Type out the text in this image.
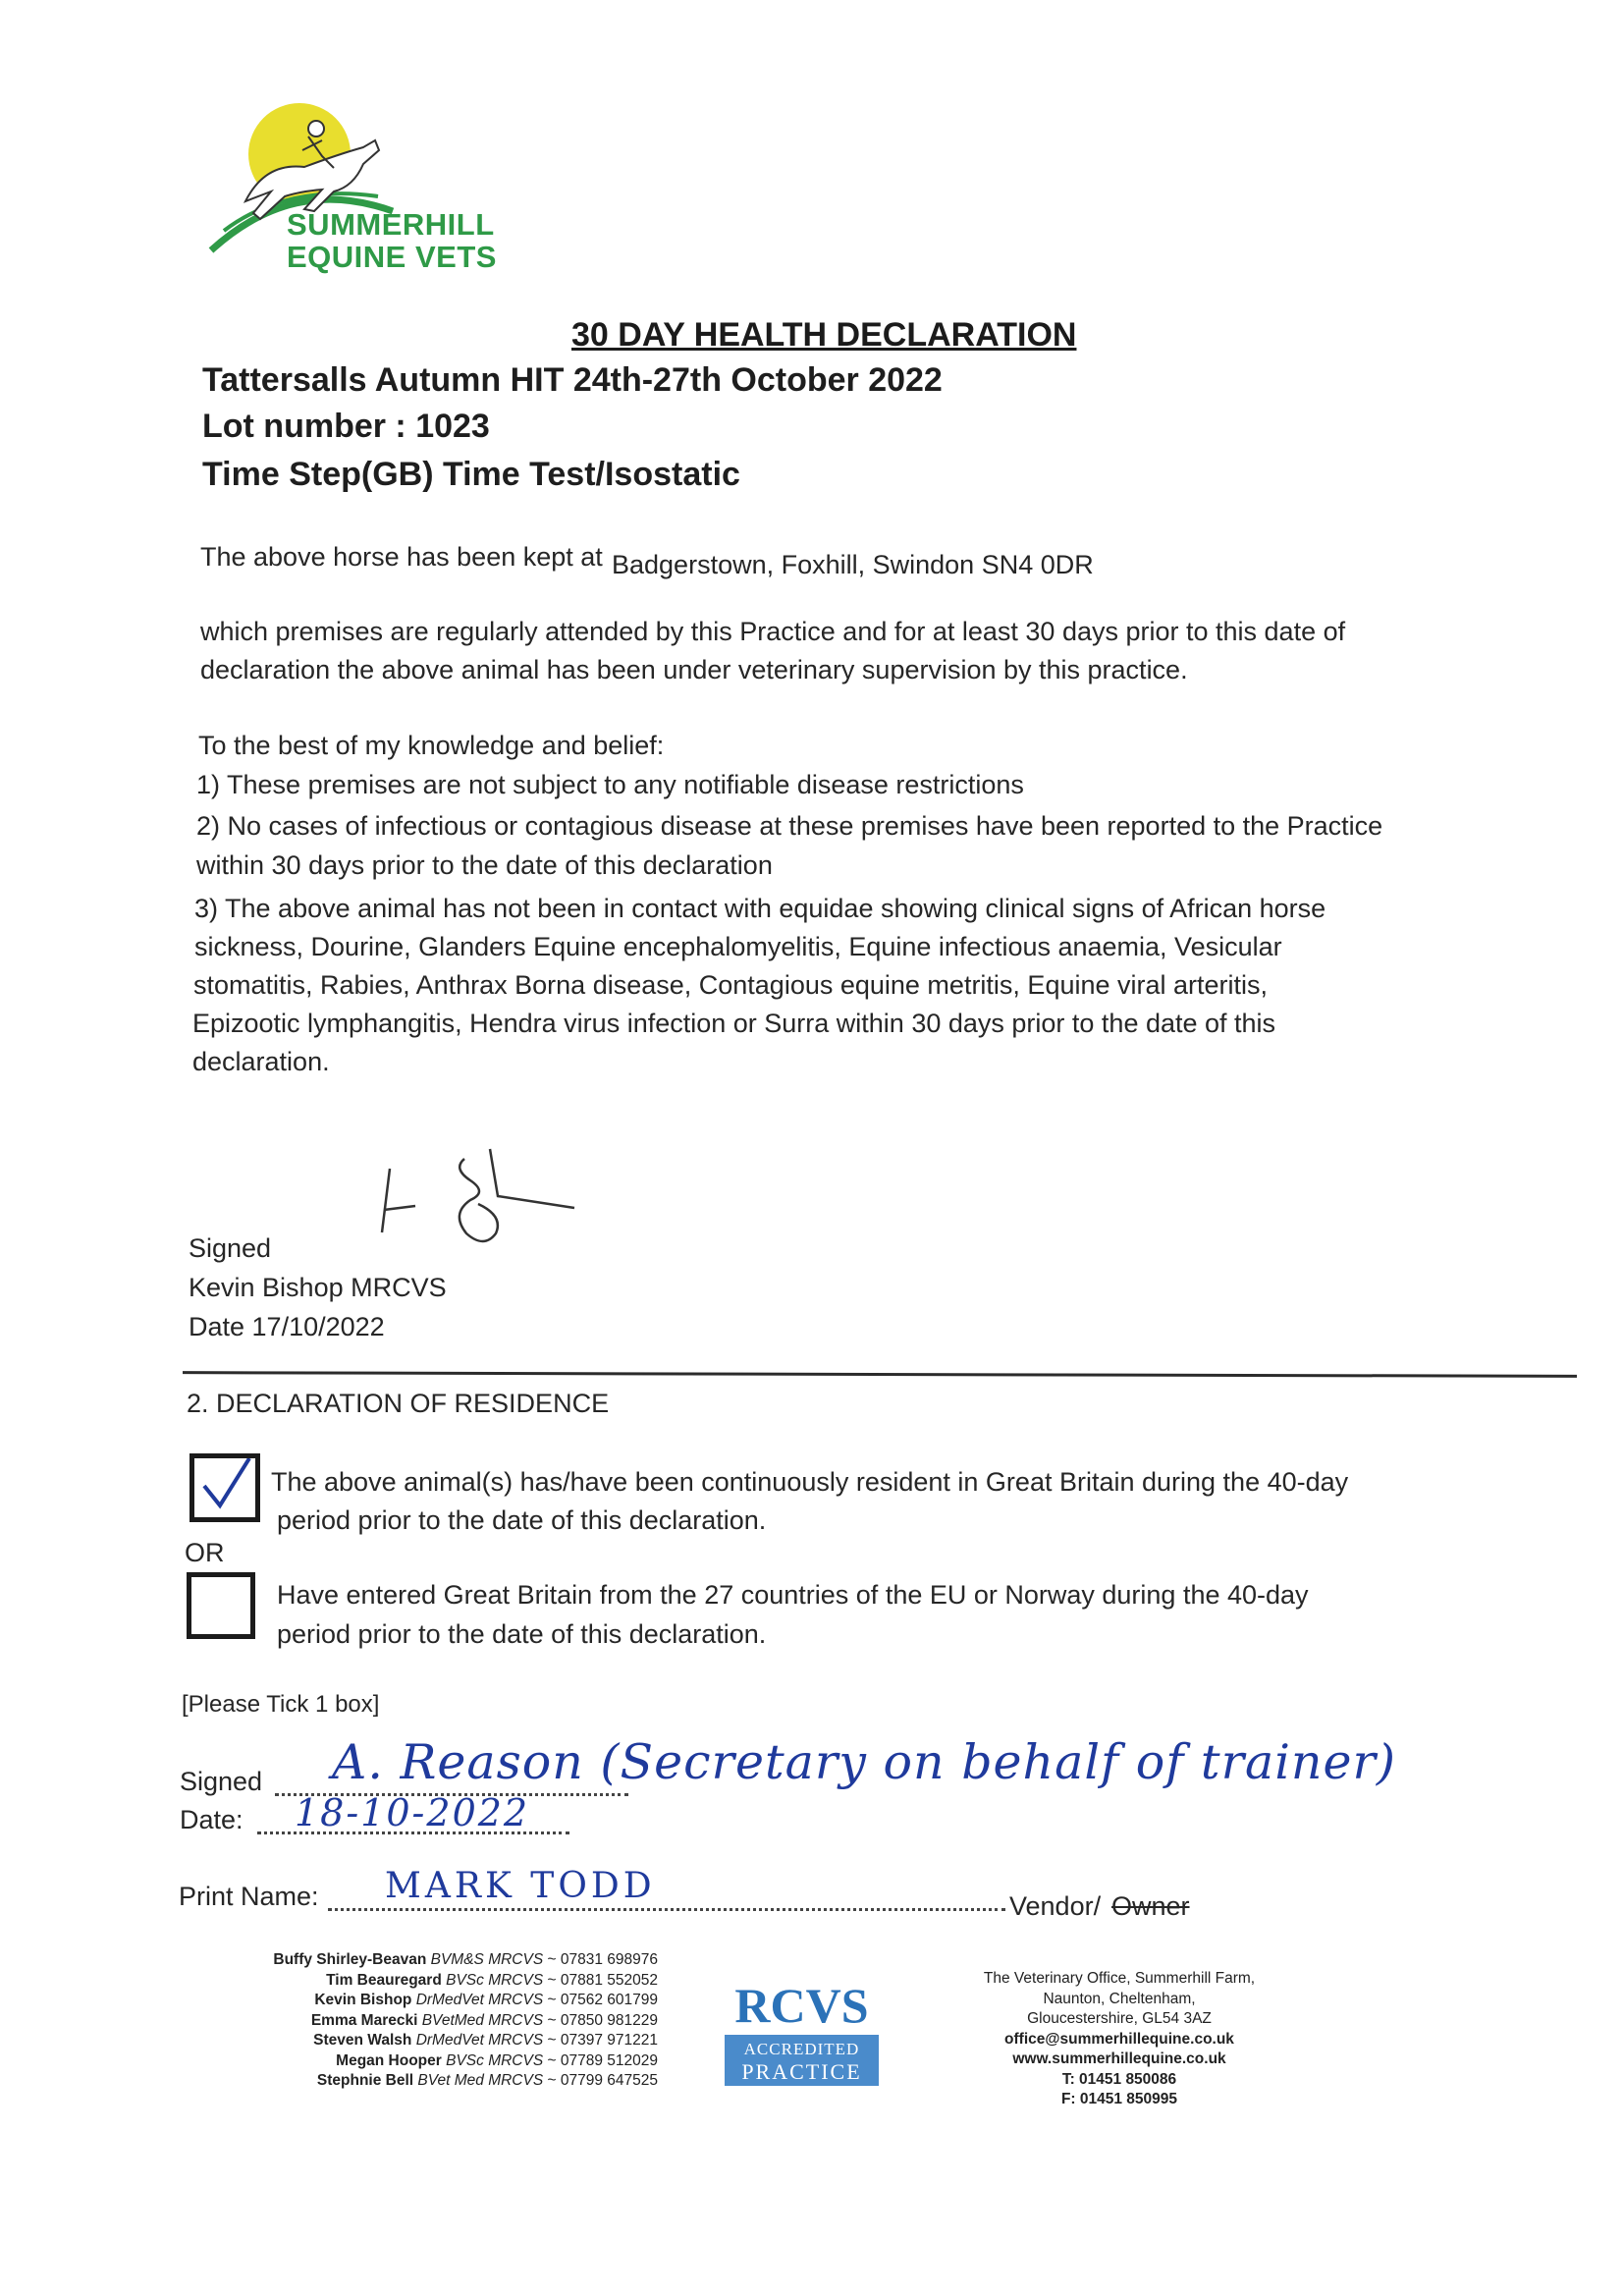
SUMMERHILL
EQUINE VETS
30 DAY HEALTH DECLARATION
Tattersalls Autumn HIT 24th-27th October 2022
Lot number : 1023
Time Step(GB) Time Test/Isostatic
The above horse has been kept at Badgerstown, Foxhill, Swindon SN4 0DR
which premises are regularly attended by this Practice and for at least 30 days prior to this date of
declaration the above animal has been under veterinary supervision by this practice.
To the best of my knowledge and belief:
1) These premises are not subject to any notifiable disease restrictions
2) No cases of infectious or contagious disease at these premises have been reported to the Practice
within 30 days prior to the date of this declaration
3) The above animal has not been in contact with equidae showing clinical signs of African horse
sickness, Dourine, Glanders Equine encephalomyelitis, Equine infectious anaemia, Vesicular
stomatitis, Rabies, Anthrax Borna disease, Contagious equine metritis, Equine viral arteritis,
Epizootic lymphangitis, Hendra virus infection or Surra within 30 days prior to the date of this
declaration.
Signed
Kevin Bishop MRCVS
Date 17/10/2022
2. DECLARATION OF RESIDENCE
The above animal(s) has/have been continuously resident in Great Britain during the 40-day
period prior to the date of this declaration.
OR
Have entered Great Britain from the 27 countries of the EU or Norway during the 40-day
period prior to the date of this declaration.
[Please Tick 1 box]
Signed A. Reason (Secretary on behalf of trainer)
Date: 18-10-2022
Print Name: MARK TODD	Vendor/ Owner
Buffy Shirley-Beavan BVM&S MRCVS ~ 07831 698976
Tim Beauregard BVSc MRCVS ~ 07881 552052
Kevin Bishop DrMedVet MRCVS ~ 07562 601799
Emma Marecki BVetMed MRCVS ~ 07850 981229
Steven Walsh DrMedVet MRCVS ~ 07397 971221
Megan Hooper BVSc MRCVS ~ 07789 512029
Stephnie Bell BVet Med MRCVS ~ 07799 647525
RCVS
ACCREDITED
PRACTICE
The Veterinary Office, Summerhill Farm,
Naunton, Cheltenham,
Gloucestershire, GL54 3AZ
office@summerhillequine.co.uk
www.summerhillequine.co.uk
T: 01451 850086
F: 01451 850995
